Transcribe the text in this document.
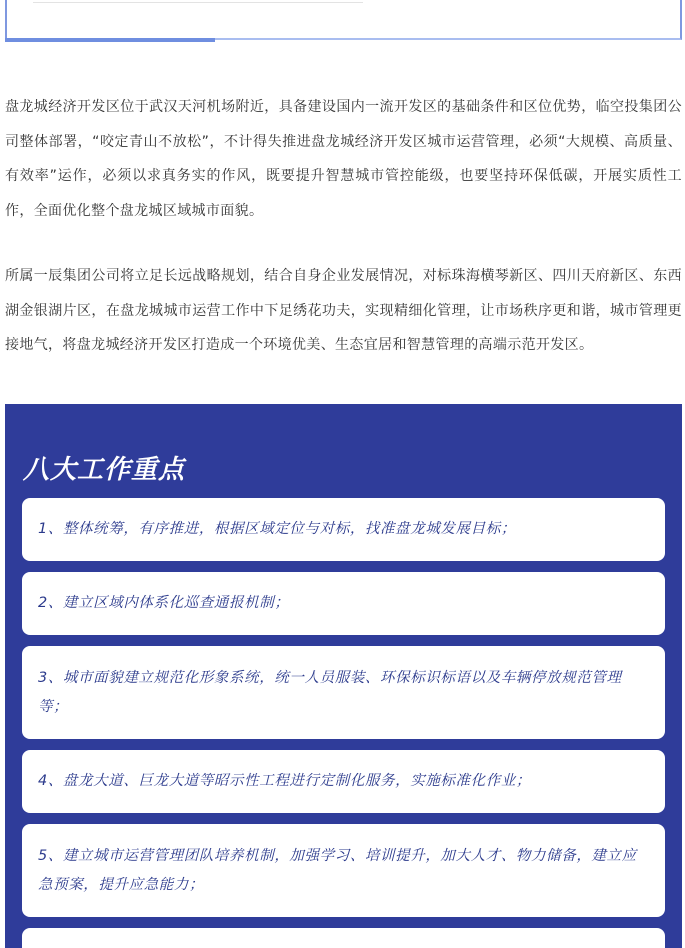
盘龙城经济开发区位于武汉天河机场附近，具备建设国内一流开发区的基础条件和区位优势，临空投集团公司整体部署，“咬定青山不放松”，不计得失推进盘龙城经济开发区城市运营管理，必须“大规模、高质量、有效率”运作，必须以求真务实的作风，既要提升智慧城市管控能级，也要坚持环保低碳，开展实质性工作，全面优化整个盘龙城区域城市面貌。

所属一辰集团公司将立足长远战略规划，结合自身企业发展情况，对标珠海横琴新区、四川天府新区、东西湖金银湖片区，在盘龙城城市运营工作中下足绣花功夫，实现精细化管理，让市场秩序更和谐，城市管理更接地气，将盘龙城经济开发区打造成一个环境优美、生态宜居和智慧管理的高端示范开发区。

八大工作重点
1、整体统筹，有序推进，根据区域定位与对标，找准盘龙城发展目标；
2、建立区域内体系化巡查通报机制；
3、城市面貌建立规范化形象系统，统一人员服装、环保标识标语以及车辆停放规范管理等；
4、盘龙大道、巨龙大道等昭示性工程进行定制化服务，实施标准化作业；
5、建立城市运营管理团队培养机制，加强学习、培训提升，加大人才、物力储备，建立应急预案，提升应急能力；
